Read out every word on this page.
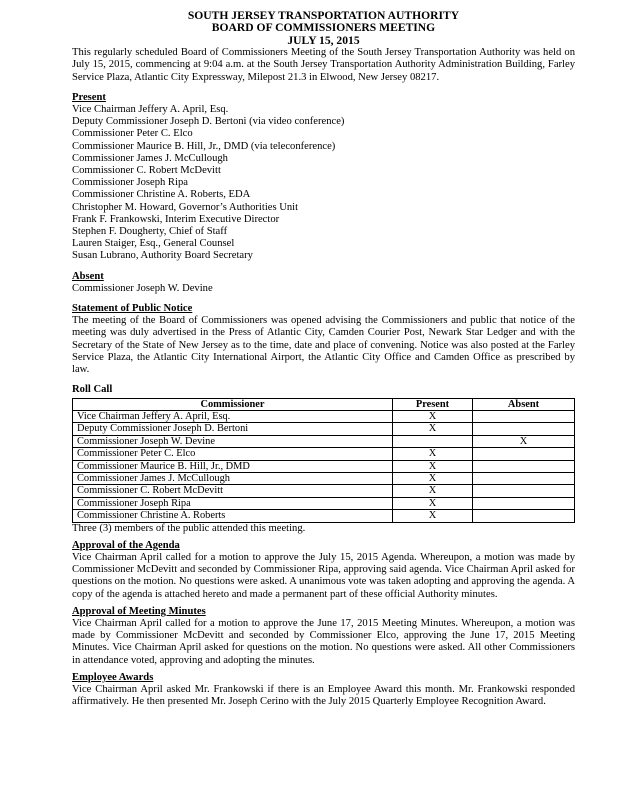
SOUTH JERSEY TRANSPORTATION AUTHORITY
BOARD OF COMMISSIONERS MEETING
JULY 15, 2015

This regularly scheduled Board of Commissioners Meeting of the South Jersey Transportation Authority was held on July 15, 2015, commencing at 9:04 a.m. at the South Jersey Transportation Authority Administration Building, Farley Service Plaza, Atlantic City Expressway, Milepost 21.3 in Elwood, New Jersey 08217.

Present
Vice Chairman Jeffery A. April, Esq.
Deputy Commissioner Joseph D. Bertoni (via video conference)
Commissioner Peter C. Elco
Commissioner Maurice B. Hill, Jr., DMD (via teleconference)
Commissioner James J. McCullough
Commissioner C. Robert McDevitt
Commissioner Joseph Ripa
Commissioner Christine A. Roberts, EDA
Christopher M. Howard, Governor’s Authorities Unit
Frank F. Frankowski, Interim Executive Director
Stephen F. Dougherty, Chief of Staff
Lauren Staiger, Esq., General Counsel
Susan Lubrano, Authority Board Secretary
Absent
Commissioner Joseph W. Devine
Statement of Public Notice

The meeting of the Board of Commissioners was opened advising the Commissioners and public that notice of the meeting was duly advertised in the Press of Atlantic City, Camden Courier Post, Newark Star Ledger and with the Secretary of the State of New Jersey as to the time, date and place of convening. Notice was also posted at the Farley Service Plaza, the Atlantic City International Airport, the Atlantic City Office and Camden Office as prescribed by law.

Roll Call
Commissioner	Present	Absent
Vice Chairman Jeffery A. April, Esq.	X	
Deputy Commissioner Joseph D. Bertoni	X	
Commissioner Joseph W. Devine		X
Commissioner Peter C. Elco	X	
Commissioner Maurice B. Hill, Jr., DMD	X	
Commissioner James J. McCullough	X	
Commissioner C. Robert McDevitt	X	
Commissioner Joseph Ripa	X	
Commissioner Christine A. Roberts	X	
Three (3) members of the public attended this meeting.
Approval of the Agenda

Vice Chairman April called for a motion to approve the July 15, 2015 Agenda. Whereupon, a motion was made by Commissioner McDevitt and seconded by Commissioner Ripa, approving said agenda. Vice Chairman April asked for questions on the motion. No questions were asked. A unanimous vote was taken adopting and approving the agenda. A copy of the agenda is attached hereto and made a permanent part of these official Authority minutes.

Approval of Meeting Minutes

Vice Chairman April called for a motion to approve the June 17, 2015 Meeting Minutes. Whereupon, a motion was made by Commissioner McDevitt and seconded by Commissioner Elco, approving the June 17, 2015 Meeting Minutes. Vice Chairman April asked for questions on the motion. No questions were asked. All other Commissioners in attendance voted, approving and adopting the minutes.

Employee Awards

Vice Chairman April asked Mr. Frankowski if there is an Employee Award this month. Mr. Frankowski responded affirmatively. He then presented Mr. Joseph Cerino with the July 2015 Quarterly Employee Recognition Award.
